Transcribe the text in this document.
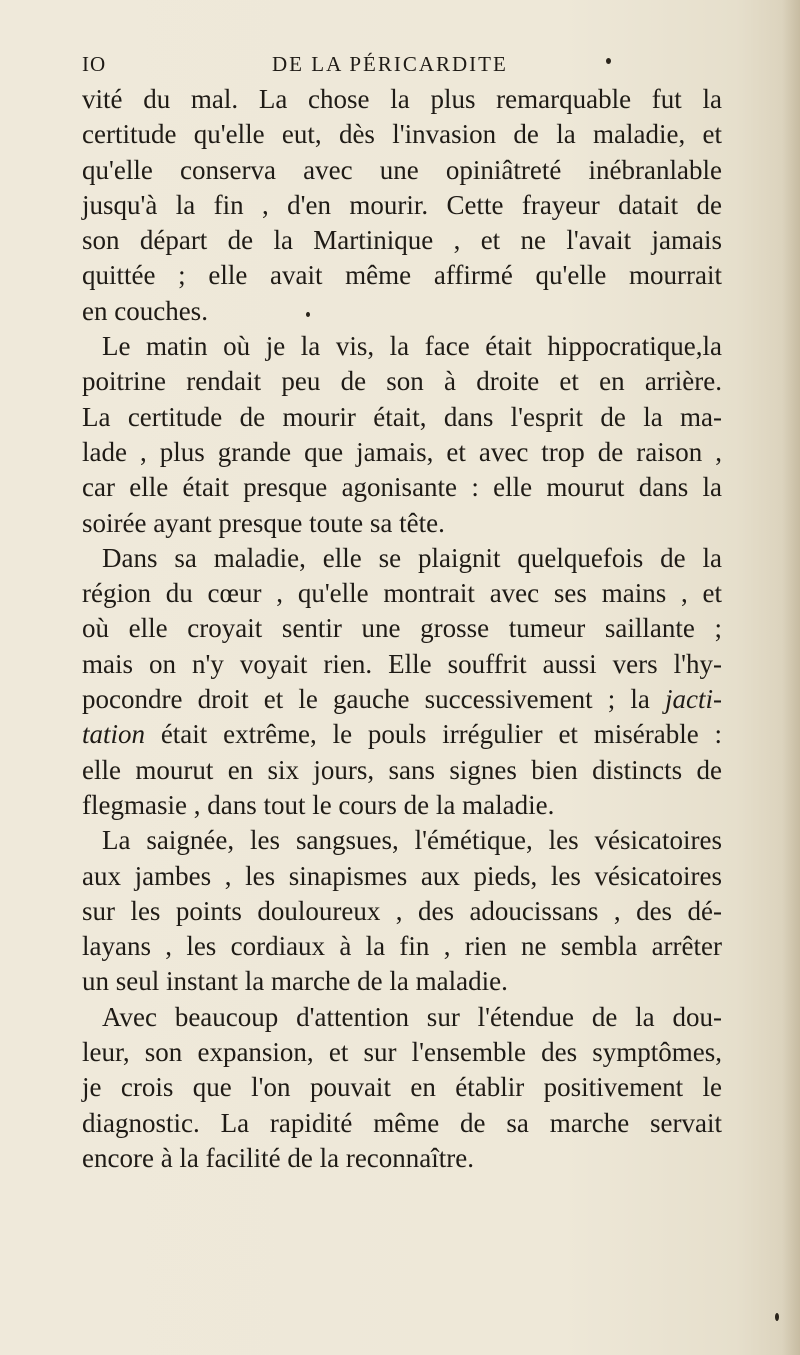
IO	DE LA PÉRICARDITE
vité du mal. La chose la plus remarquable fut la
certitude qu'elle eut, dès l'invasion de la maladie, et
qu'elle conserva avec une opiniâtreté inébranlable
jusqu'à la fin , d'en mourir. Cette frayeur datait de
son départ de la Martinique , et ne l'avait jamais
quittée ; elle avait même affirmé qu'elle mourrait
en couches.
Le matin où je la vis, la face était hippocratique,la
poitrine rendait peu de son à droite et en arrière.
La certitude de mourir était, dans l'esprit de la ma-
lade , plus grande que jamais, et avec trop de raison ,
car elle était presque agonisante : elle mourut dans la
soirée ayant presque toute sa tête.
Dans sa maladie, elle se plaignit quelquefois de la
région du cœur , qu'elle montrait avec ses mains , et
où elle croyait sentir une grosse tumeur saillante ;
mais on n'y voyait rien. Elle souffrit aussi vers l'hy-
pocondre droit et le gauche successivement ; la jacti-
tation était extrême, le pouls irrégulier et misérable :
elle mourut en six jours, sans signes bien distincts de
flegmasie , dans tout le cours de la maladie.
La saignée, les sangsues, l'émétique, les vésicatoires
aux jambes , les sinapismes aux pieds, les vésicatoires
sur les points douloureux , des adoucissans , des dé-
layans , les cordiaux à la fin , rien ne sembla arrêter
un seul instant la marche de la maladie.
Avec beaucoup d'attention sur l'étendue de la dou-
leur, son expansion, et sur l'ensemble des symptômes,
je crois que l'on pouvait en établir positivement le
diagnostic. La rapidité même de sa marche servait
encore à la facilité de la reconnaître.
